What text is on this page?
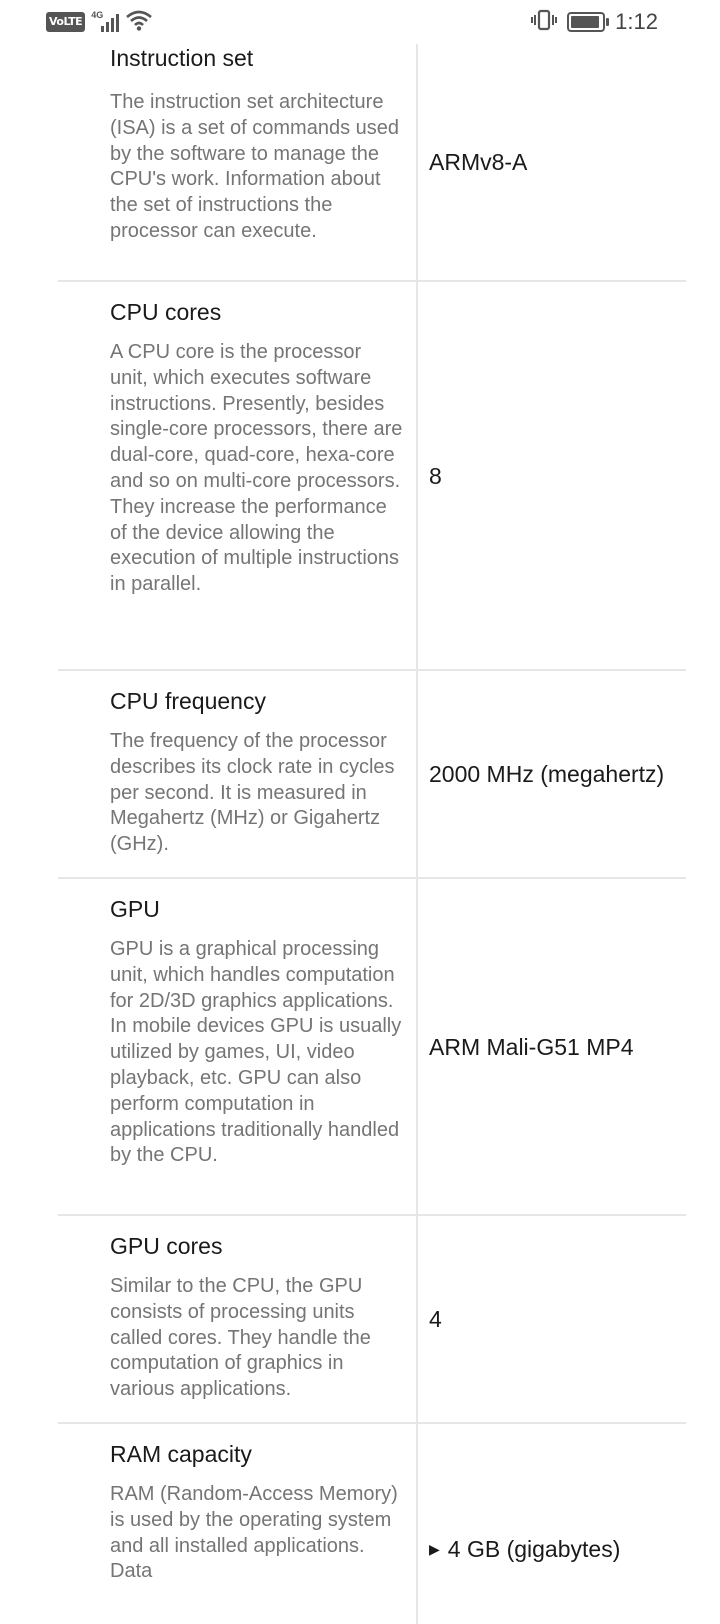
VoLTE	4G	1:12
Instruction set
The instruction set architecture (ISA) is a set of commands used by the software to manage the CPU's work. Information about the set of instructions the processor can execute.
ARMv8-A
CPU cores
A CPU core is the processor unit, which executes software instructions. Presently, besides single-core processors, there are dual-core, quad-core, hexa-core and so on multi-core processors. They increase the performance of the device allowing the execution of multiple instructions in parallel.
8
CPU frequency
The frequency of the processor describes its clock rate in cycles per second. It is measured in Megahertz (MHz) or Gigahertz (GHz).
2000 MHz (megahertz)
GPU
GPU is a graphical processing unit, which handles computation for 2D/3D graphics applications. In mobile devices GPU is usually utilized by games, UI, video playback, etc. GPU can also perform computation in applications traditionally handled by the CPU.
ARM Mali-G51 MP4
GPU cores
Similar to the CPU, the GPU consists of processing units called cores. They handle the computation of graphics in various applications.
4
RAM capacity
RAM (Random-Access Memory) is used by the operating system and all installed applications. Data
▶ 4 GB (gigabytes)
